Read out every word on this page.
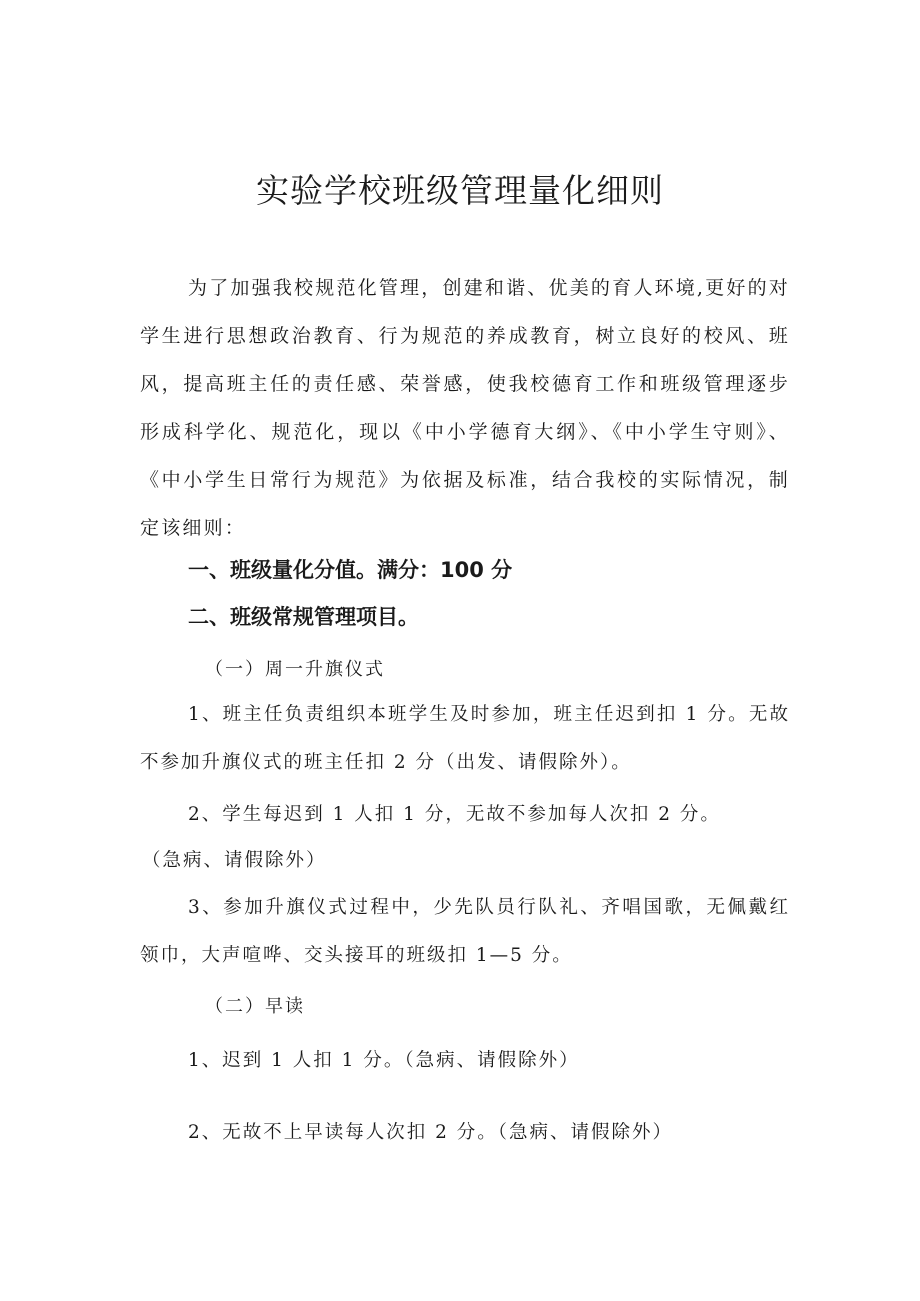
实验学校班级管理量化细则

为了加强我校规范化管理，创建和谐、优美的育人环境,更好的对学生进行思想政治教育、行为规范的养成教育，树立良好的校风、班风，提高班主任的责任感、荣誉感，使我校德育工作和班级管理逐步形成科学化、规范化，现以《中小学德育大纲》、《中小学生守则》、《中小学生日常行为规范》为依据及标准，结合我校的实际情况，制定该细则：

一、班级量化分值。满分：100 分

二、班级常规管理项目。

（一）周一升旗仪式

1、班主任负责组织本班学生及时参加，班主任迟到扣 1 分。无故不参加升旗仪式的班主任扣 2 分（出发、请假除外）。

2、学生每迟到 1 人扣 1 分，无故不参加每人次扣 2 分。

（急病、请假除外）

3、参加升旗仪式过程中，少先队员行队礼、齐唱国歌，无佩戴红领巾，大声喧哗、交头接耳的班级扣 1—5 分。

（二）早读

1、迟到 1 人扣 1 分。（急病、请假除外）

2、无故不上早读每人次扣 2 分。（急病、请假除外）
